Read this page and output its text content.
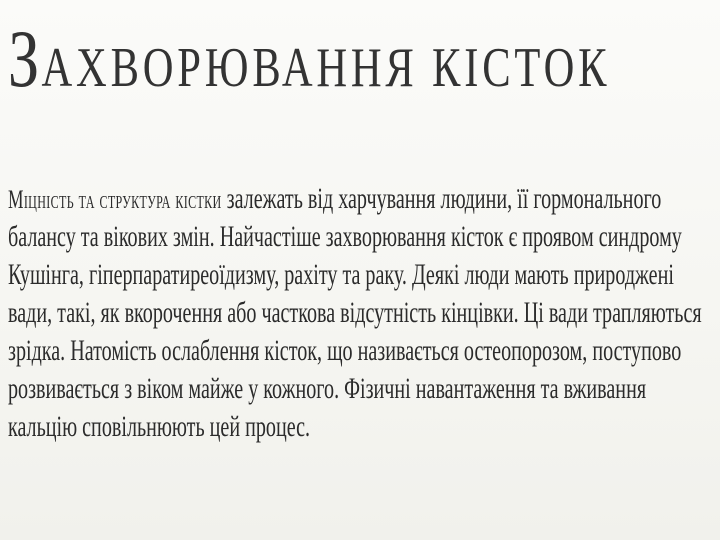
ЗАХВОРЮВАННЯ КІСТОК
Міцність та структура кістки залежать від харчування людини, її гормонального
балансу та вікових змін. Найчастіше захворювання кісток є проявом синдрому
Кушінга, гіперпаратиреоїдизму, рахіту та раку. Деякі люди мають природжені
вади, такі, як вкорочення або часткова відсутність кінцівки. Ці вади трапляються
зрідка. Натомість ослаблення кісток, що називається остеопорозом, поступово
розвивається з віком майже у кожного. Фізичні навантаження та вживання
кальцію сповільнюють цей процес.
